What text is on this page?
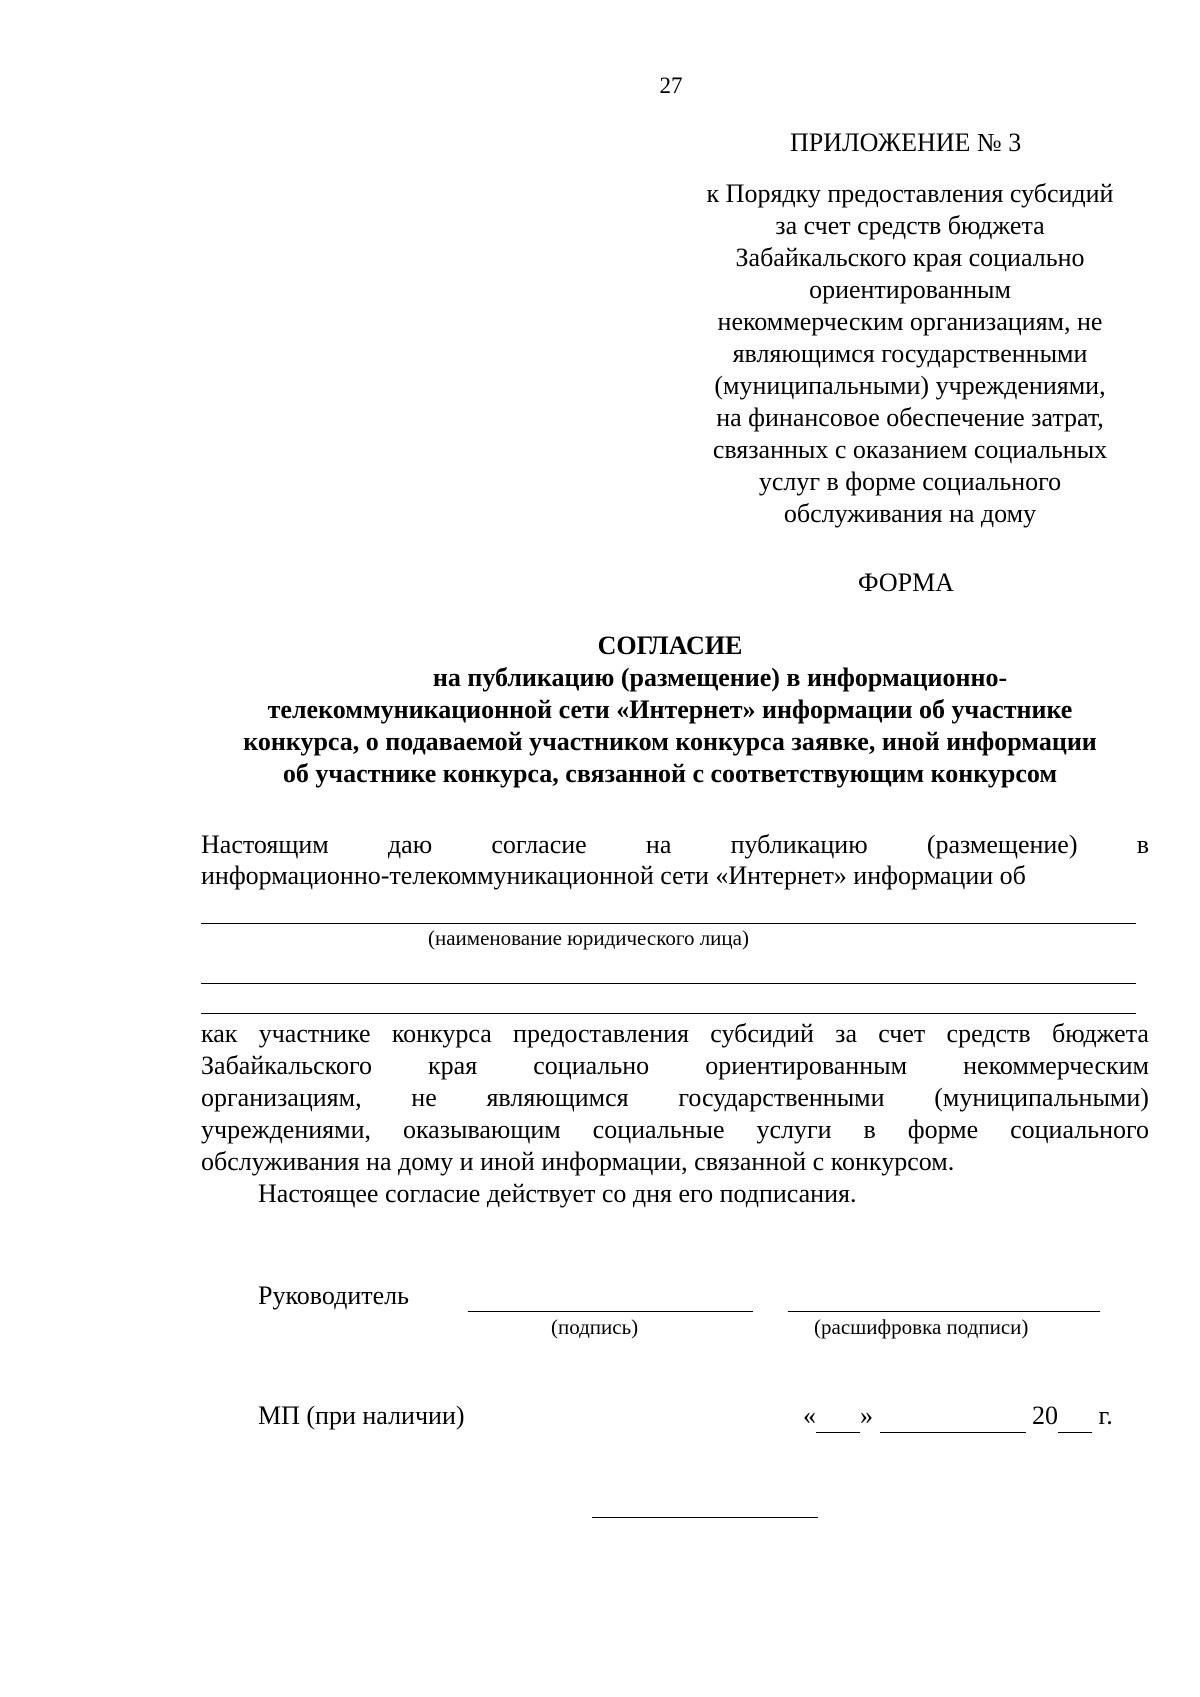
27
ПРИЛОЖЕНИЕ № 3
к Порядку предоставления субсидий
за счет средств бюджета
Забайкальского края социально
ориентированным
некоммерческим организациям, не
являющимся государственными
(муниципальными) учреждениями,
на финансовое обеспечение затрат,
связанных с оказанием социальных
услуг в форме социального
обслуживания на дому
ФОРМА
СОГЛАСИЕ
на публикацию (размещение) в информационно-
телекоммуникационной сети «Интернет» информации об участнике
конкурса, о подаваемой участником конкурса заявке, иной информации
об участнике конкурса, связанной с соответствующим конкурсом
Настоящим даю согласие на публикацию (размещение) в
информационно-телекоммуникационной сети «Интернет» информации об
(наименование юридического лица)
как участнике конкурса предоставления субсидий за счет средств бюджета
Забайкальского края социально ориентированным некоммерческим
организациям, не являющимся государственными (муниципальными)
учреждениями, оказывающим социальные услуги в форме социального
обслуживания на дому и иной информации, связанной с конкурсом.
Настоящее согласие действует со дня его подписания.
Руководитель
(подпись)	(расшифровка подписи)
МП (при наличии)	« »	20 г.
